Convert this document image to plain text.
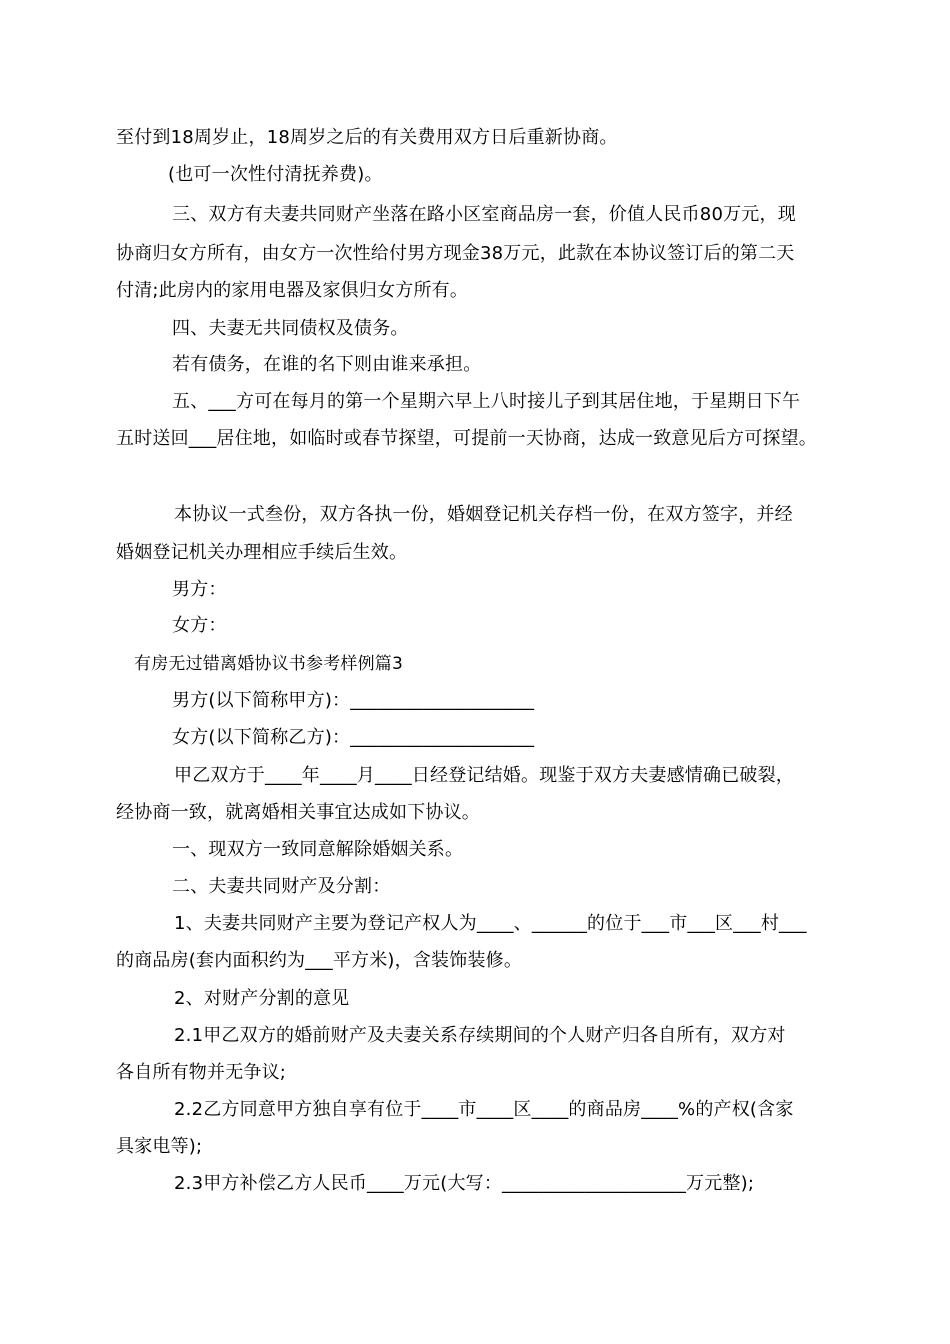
至付到18周岁止，18周岁之后的有关费用双方日后重新协商。
(也可一次性付清抚养费)。
三、双方有夫妻共同财产坐落在路小区室商品房一套，价值人民币80万元，现
协商归女方所有，由女方一次性给付男方现金38万元，此款在本协议签订后的第二天
付清;此房内的家用电器及家俱归女方所有。
四、夫妻无共同债权及债务。
若有债务，在谁的名下则由谁来承担。
五、___方可在每月的第一个星期六早上八时接儿子到其居住地，于星期日下午
五时送回___居住地，如临时或春节探望，可提前一天协商，达成一致意见后方可探望。
本协议一式叁份，双方各执一份，婚姻登记机关存档一份，在双方签字，并经
婚姻登记机关办理相应手续后生效。
男方：
女方：
有房无过错离婚协议书参考样例篇3
男方(以下简称甲方)：____________________
女方(以下简称乙方)：____________________
甲乙双方于____年____月____日经登记结婚。现鉴于双方夫妻感情确已破裂，
经协商一致，就离婚相关事宜达成如下协议。
一、现双方一致同意解除婚姻关系。
二、夫妻共同财产及分割：
1、夫妻共同财产主要为登记产权人为____、______的位于___市___区___村___
的商品房(套内面积约为___平方米)，含装饰装修。
2、对财产分割的意见
2.1甲乙双方的婚前财产及夫妻关系存续期间的个人财产归各自所有，双方对
各自所有物并无争议;
2.2乙方同意甲方独自享有位于____市____区____的商品房____%的产权(含家
具家电等);
2.3甲方补偿乙方人民币____万元(大写：____________________万元整);
